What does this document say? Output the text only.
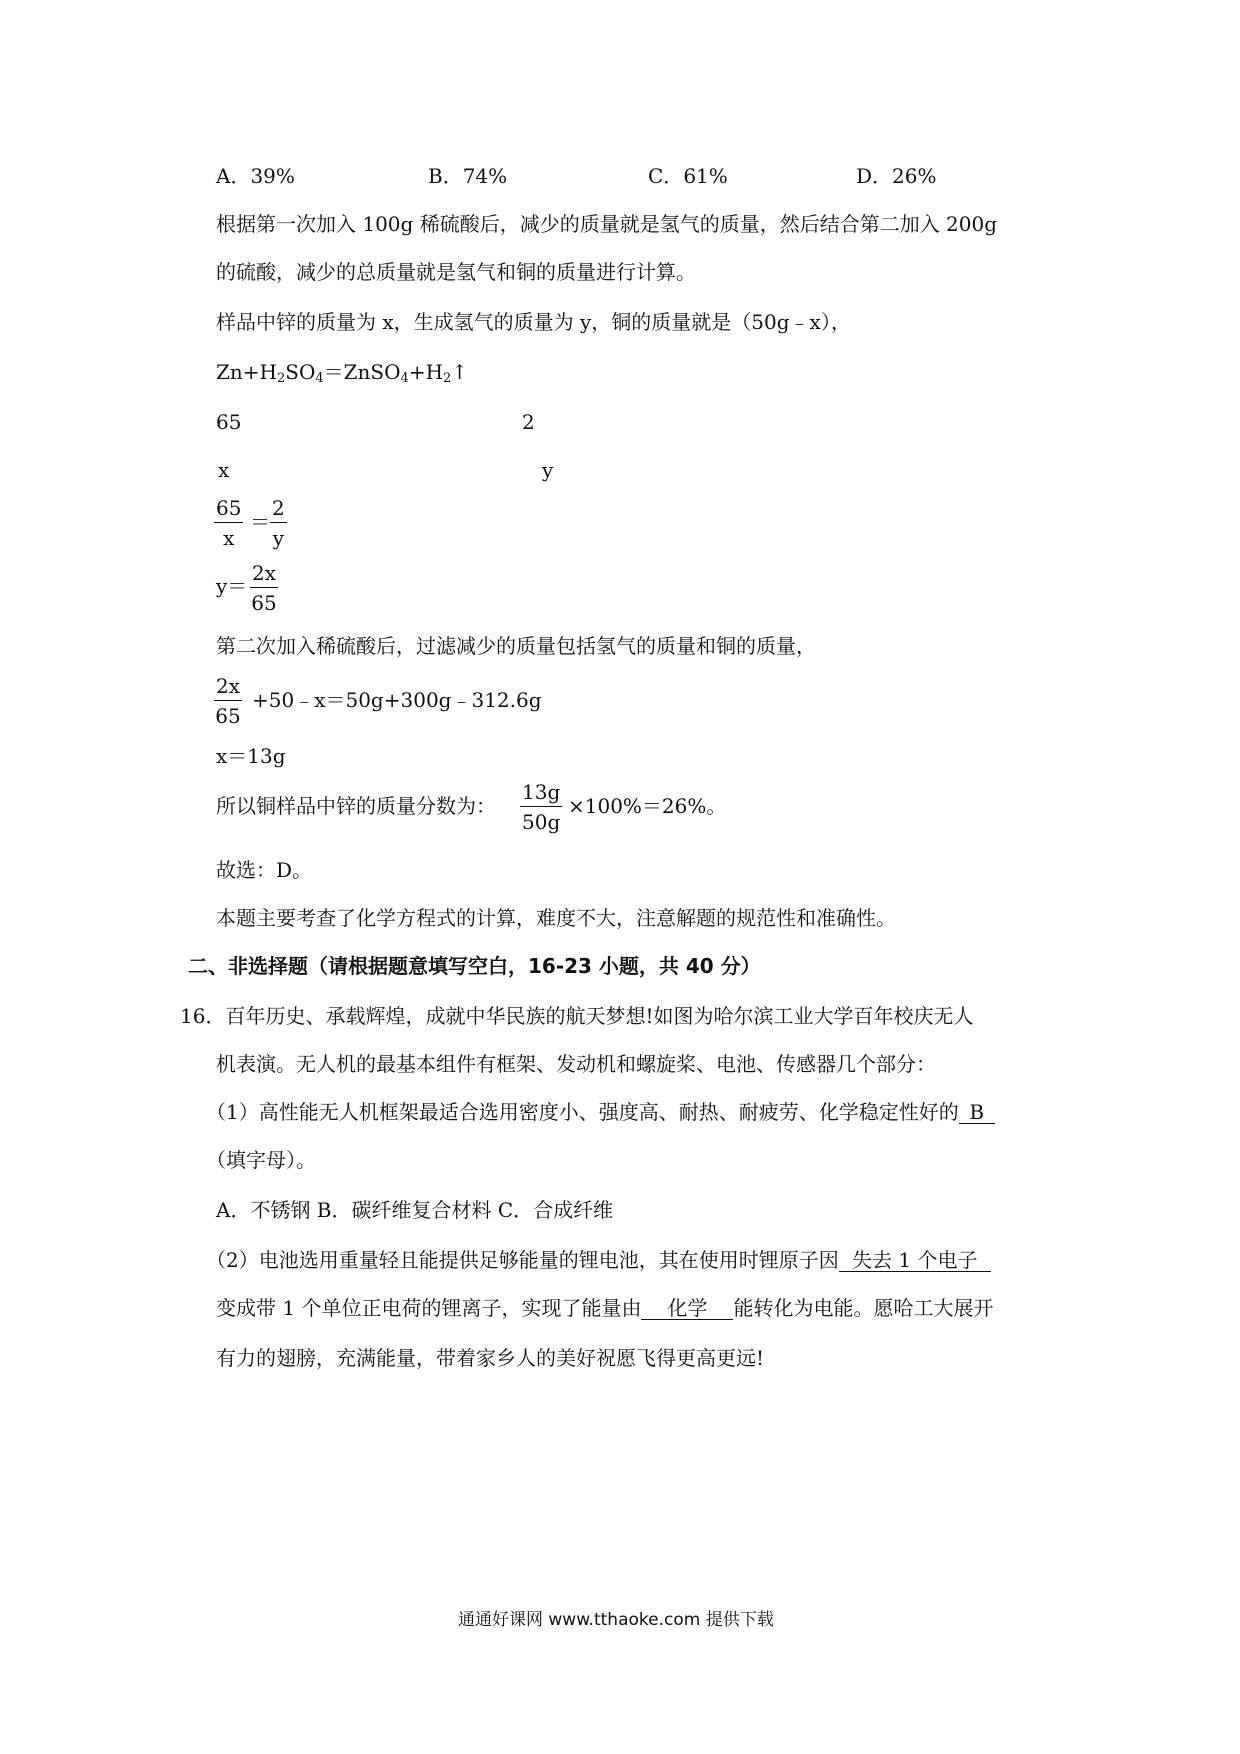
A．39%	B．74%	C．61%	D．26%
根据第一次加入 100g 稀硫酸后，减少的质量就是氢气的质量，然后结合第二加入 200g
的硫酸，减少的总质量就是氢气和铜的质量进行计算。
样品中锌的质量为 x，生成氢气的质量为 y，铜的质量就是（50g﹣x），
$Zn+H_2SO_4=ZnSO_4+H_2↑$
65	2
x	y
$\frac{65}{x} = \frac{2}{y}$
$y= \frac{2x}{65}$
第二次加入稀硫酸后，过滤减少的质量包括氢气的质量和铜的质量，
$\frac{2x}{65}$ +50﹣x＝50g+300g﹣312.6g
x＝13g
所以铜样品中锌的质量分数为： $\frac{13g}{50g} \times 100\%=26\%$。
故选：D。
本题主要考查了化学方程式的计算，难度不大，注意解题的规范性和准确性。
二、非选择题（请根据题意填写空白，16-23 小题，共 40 分）
16．百年历史、承载辉煌，成就中华民族的航天梦想!如图为哈尔滨工业大学百年校庆无人
机表演。无人机的最基本组件有框架、发动机和螺旋桨、电池、传感器几个部分：
（1）高性能无人机框架最适合选用密度小、强度高、耐热、耐疲劳、化学稳定性好的 B
（填字母）。
A．不锈钢 B．碳纤维复合材料 C．合成纤维
（2）电池选用重量轻且能提供足够能量的锂电池，其在使用时锂原子因 失去 1 个电子
变成带 1 个单位正电荷的锂离子，实现了能量由 化学 能转化为电能。愿哈工大展开
有力的翅膀，充满能量，带着家乡人的美好祝愿飞得更高更远!
通通好课网 www.tthaoke.com 提供下载
